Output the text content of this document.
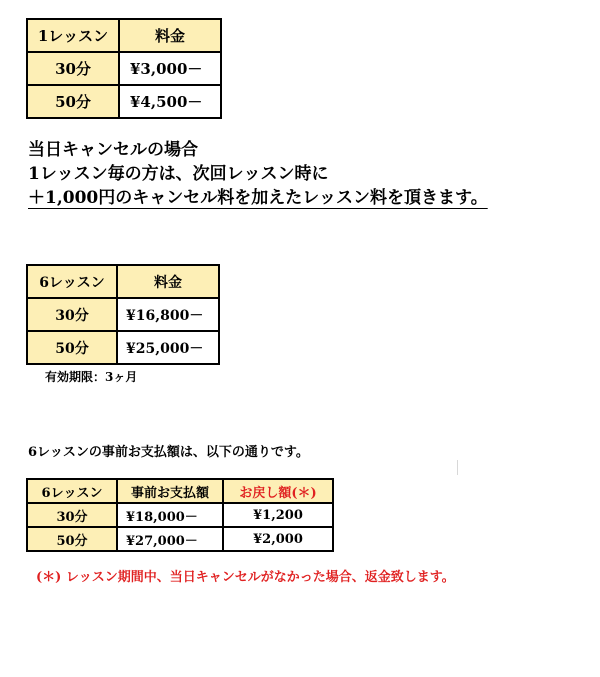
1レッスン	料金
30分	¥3,000－
50分	¥4,500－
当日キャンセルの場合
1レッスン毎の方は、次回レッスン時に
＋1,000円のキャンセル料を加えたレッスン料を頂きます。
6レッスン	料金
30分	¥16,800－
50分	¥25,000－
有効期限：3ヶ月
6レッスンの事前お支払額は、以下の通りです。
6レッスン	事前お支払額	お戻し額(＊)
30分	¥18,000－	¥1,200
50分	¥27,000－	¥2,000
(＊) レッスン期間中、当日キャンセルがなかった場合、返金致します。
